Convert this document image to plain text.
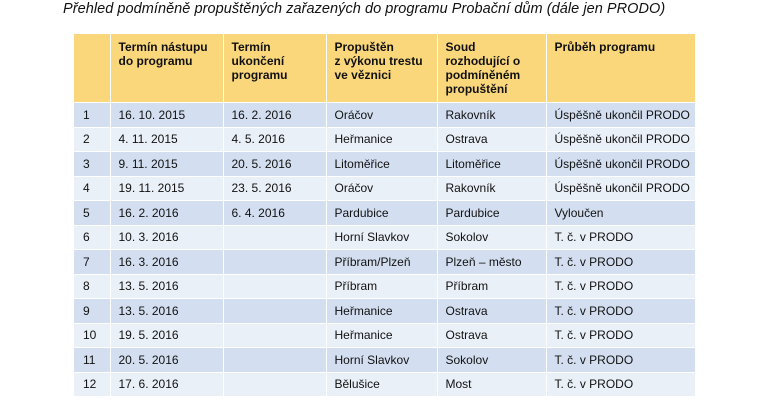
Přehled podmíněně propuštěných zařazených do programu Probační dům (dále jen PRODO)
	Termín nástupu
do programu	Termín
ukončení
programu	Propuštěn
z výkonu trestu
ve věznici	Soud
rozhodující o
podmíněném
propuštění	Průběh programu
1	16. 10. 2015	16. 2. 2016	Oráčov	Rakovník	Úspěšně ukončil PRODO
2	4. 11. 2015	4. 5. 2016	Heřmanice	Ostrava	Úspěšně ukončil PRODO
3	9. 11. 2015	20. 5. 2016	Litoměřice	Litoměřice	Úspěšně ukončil PRODO
4	19. 11. 2015	23. 5. 2016	Oráčov	Rakovník	Úspěšně ukončil PRODO
5	16. 2. 2016	6. 4. 2016	Pardubice	Pardubice	Vyloučen
6	10. 3. 2016		Horní Slavkov	Sokolov	T. č. v PRODO
7	16. 3. 2016		Příbram/Plzeň	Plzeň – město	T. č. v PRODO
8	13. 5. 2016		Příbram	Příbram	T. č. v PRODO
9	13. 5. 2016		Heřmanice	Ostrava	T. č. v PRODO
10	19. 5. 2016		Heřmanice	Ostrava	T. č. v PRODO
11	20. 5. 2016		Horní Slavkov	Sokolov	T. č. v PRODO
12	17. 6. 2016		Bělušice	Most	T. č. v PRODO
